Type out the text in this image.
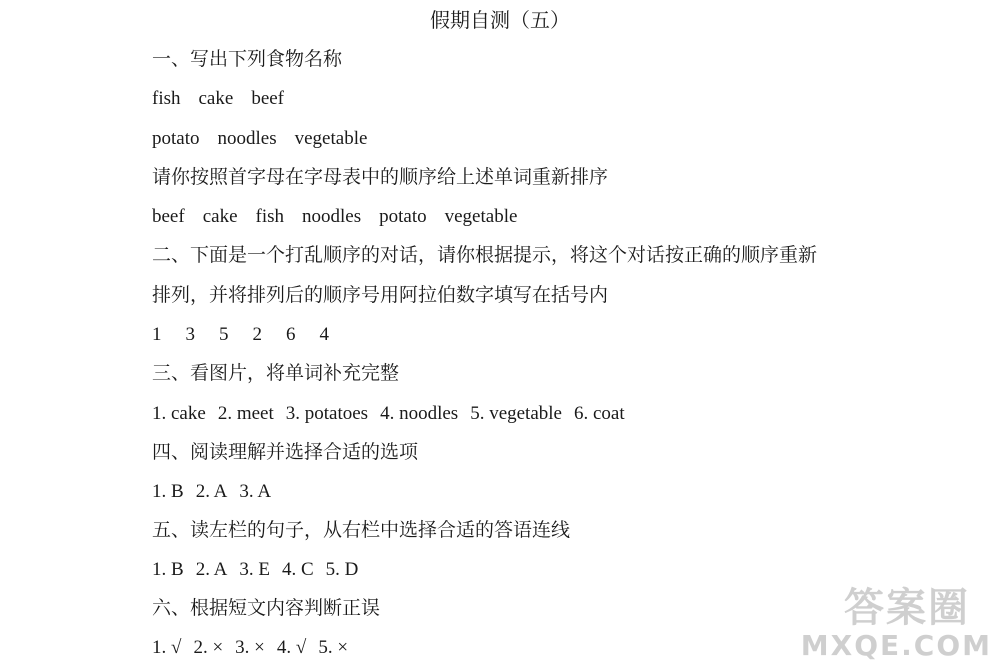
假期自测（五）
一、写出下列食物名称
fish cake beef
potato noodles vegetable
请你按照首字母在字母表中的顺序给上述单词重新排序
beef cake fish noodles potato vegetable
二、下面是一个打乱顺序的对话，请你根据提示，将这个对话按正确的顺序重新
排列，并将排列后的顺序号用阿拉伯数字填写在括号内
1 3 5 2 6 4
三、看图片，将单词补充完整
1. cake 2. meet 3. potatoes 4. noodles 5. vegetable 6. coat
四、阅读理解并选择合适的选项
1. B 2. A 3. A
五、读左栏的句子，从右栏中选择合适的答语连线
1. B 2. A 3. E 4. C 5. D
六、根据短文内容判断正误
1. √ 2. × 3. × 4. √ 5. ×
答案圈
MXQE.COM
